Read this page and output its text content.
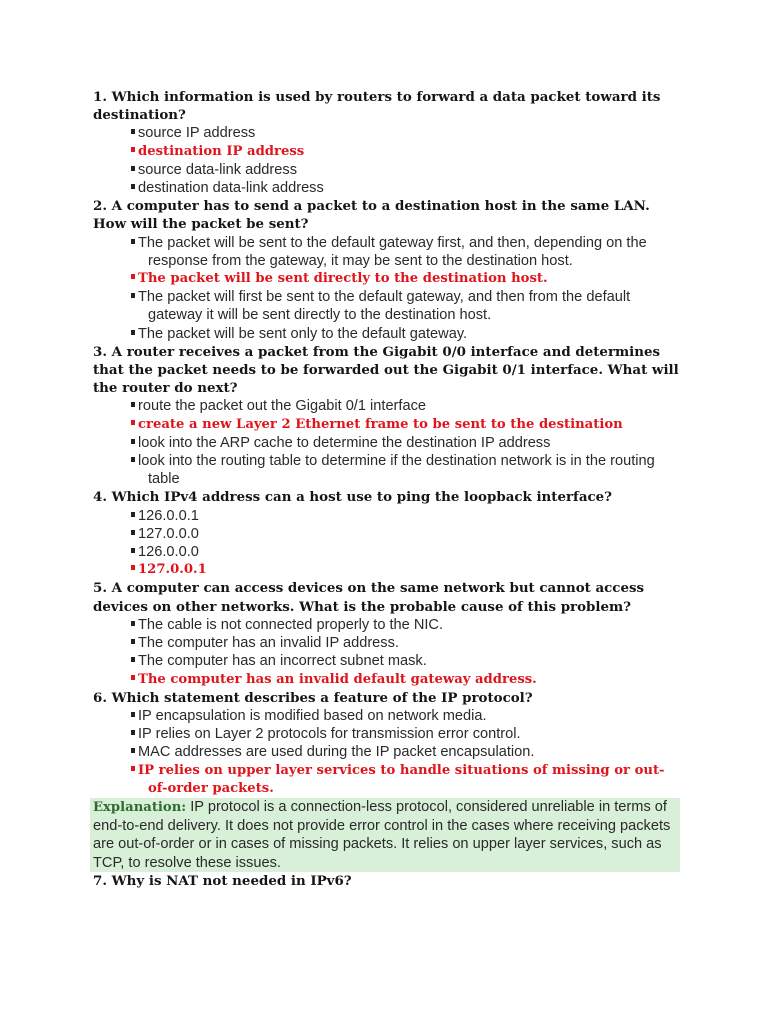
1. Which information is used by routers to forward a data packet toward its destination?

source IP address
destination IP address
source data-link address
destination data-link address

2. A computer has to send a packet to a destination host in the same LAN. How will the packet be sent?

The packet will be sent to the default gateway first, and then, depending on the response from the gateway, it may be sent to the destination host.
The packet will be sent directly to the destination host.
The packet will first be sent to the default gateway, and then from the default gateway it will be sent directly to the destination host.
The packet will be sent only to the default gateway.

3. A router receives a packet from the Gigabit 0/0 interface and determines that the packet needs to be forwarded out the Gigabit 0/1 interface. What will the router do next?

route the packet out the Gigabit 0/1 interface
create a new Layer 2 Ethernet frame to be sent to the destination
look into the ARP cache to determine the destination IP address
look into the routing table to determine if the destination network is in the routing table

4. Which IPv4 address can a host use to ping the loopback interface?

126.0.0.1
127.0.0.0
126.0.0.0
127.0.0.1

5. A computer can access devices on the same network but cannot access devices on other networks. What is the probable cause of this problem?

The cable is not connected properly to the NIC.
The computer has an invalid IP address.
The computer has an incorrect subnet mask.
The computer has an invalid default gateway address.

6. Which statement describes a feature of the IP protocol?

IP encapsulation is modified based on network media.
IP relies on Layer 2 protocols for transmission error control.
MAC addresses are used during the IP packet encapsulation.
IP relies on upper layer services to handle situations of missing or out-of-order packets.
Explanation: IP protocol is a connection-less protocol, considered unreliable in terms of end-to-end delivery. It does not provide error control in the cases where receiving packets are out-of-order or in cases of missing packets. It relies on upper layer services, such as TCP, to resolve these issues.

7. Why is NAT not needed in IPv6?
